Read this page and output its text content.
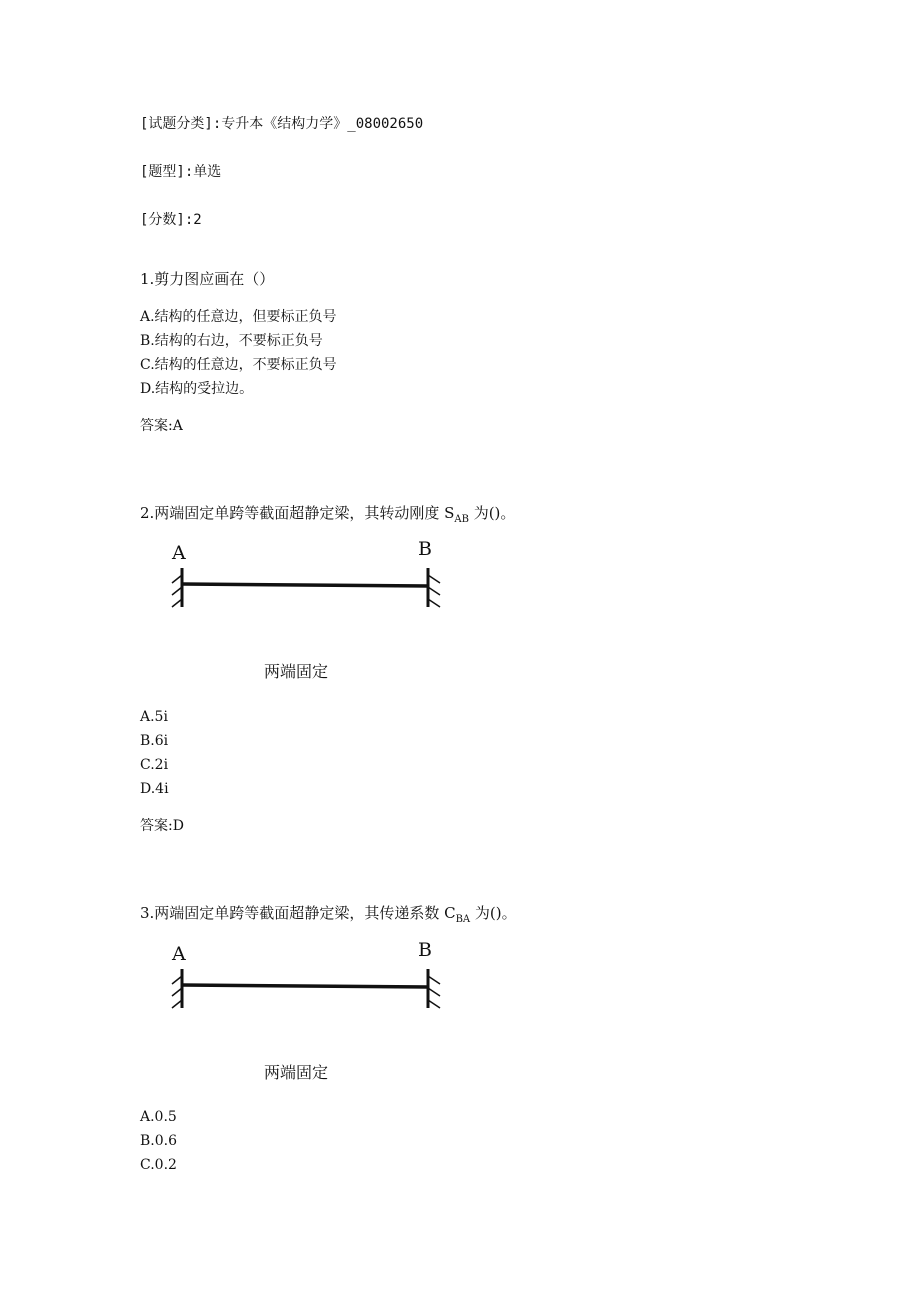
[试题分类]:专升本《结构力学》_08002650
[题型]:单选
[分数]:2
1.剪力图应画在（）
A.结构的任意边，但要标正负号
B.结构的右边，不要标正负号
C.结构的任意边，不要标正负号
D.结构的受拉边。
答案:A
2.两端固定单跨等截面超静定梁，其转动刚度 $S_{AB}$ 为()。
A	B
两端固定
A.5i
B.6i
C.2i
D.4i
答案:D
3.两端固定单跨等截面超静定梁，其传递系数 $C_{BA}$ 为()。
A	B
两端固定
A.0.5
B.0.6
C.0.2
